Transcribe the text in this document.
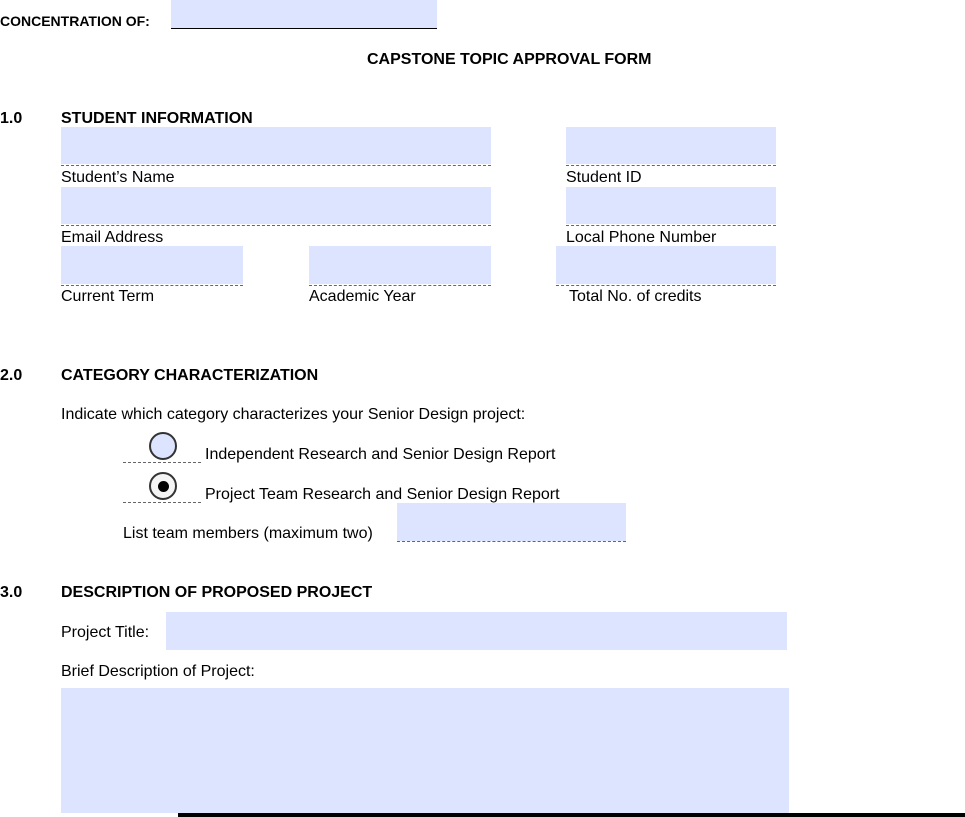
CONCENTRATION OF:
CAPSTONE TOPIC APPROVAL FORM
1.0 STUDENT INFORMATION
Student’s Name	Student ID
Email Address	Local Phone Number
Current Term	Academic Year	Total No. of credits
2.0 CATEGORY CHARACTERIZATION
Indicate which category characterizes your Senior Design project:
Independent Research and Senior Design Report
Project Team Research and Senior Design Report
List team members (maximum two)
3.0 DESCRIPTION OF PROPOSED PROJECT
Project Title:
Brief Description of Project:
